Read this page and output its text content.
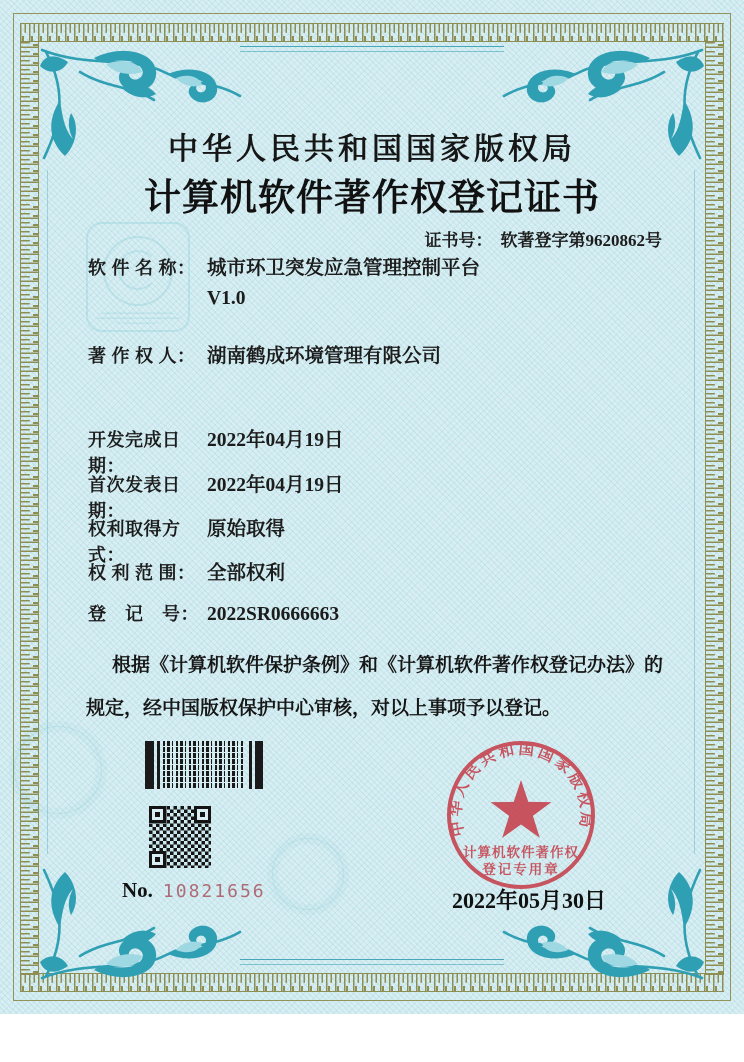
中华人民共和国国家版权局
计算机软件著作权登记证书
证书号： 软著登字第9620862号
软 件 名 称： 城市环卫突发应急管理控制平台
V1.0
著 作 权 人： 湖南鹤成环境管理有限公司
开发完成日期：
2022年04月19日
首次发表日期：
2022年04月19日
权利取得方式：
原始取得
权 利 范 围： 全部权利
登　记　号： 2022SR0666663
根据《计算机软件保护条例》和《计算机软件著作权登记办法》的
规定，经中国版权保护中心审核，对以上事项予以登记。
No. 10821656
中华人民共和国国家版权局
计算机软件著作权
登记专用章
2022年05月30日
